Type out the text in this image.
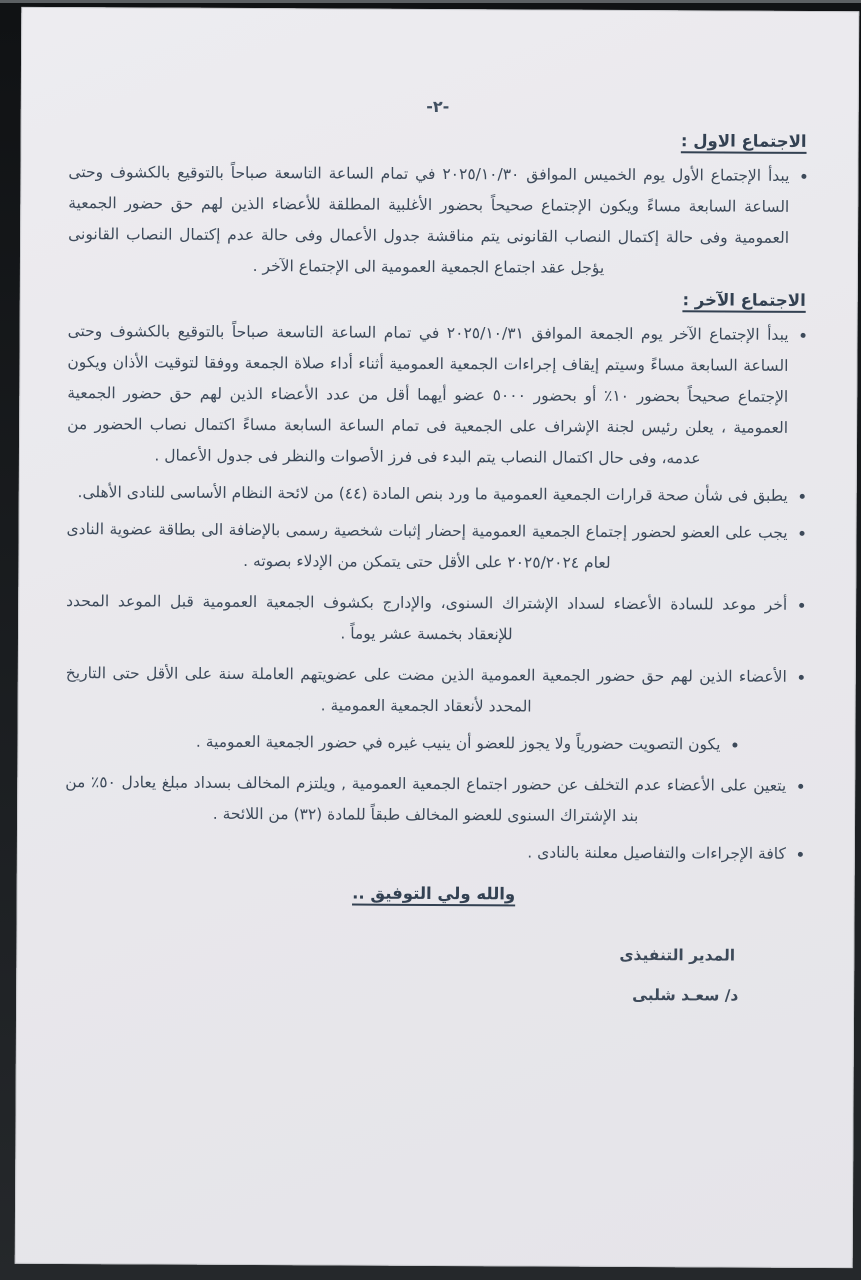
-٢-
الاجتماع الاول :

يبدأ الإجتماع الأول يوم الخميس الموافق ٢٠٢٥/١٠/٣٠ في تمام الساعة التاسعة صباحاً بالتوقيع بالكشوف وحتى الساعة السابعة مساءً ويكون الإجتماع صحيحاً بحضور الأغلبية المطلقة للأعضاء الذين لهم حق حضور الجمعية العمومية وفى حالة إكتمال النصاب القانونى يتم مناقشة جدول الأعمال وفى حالة عدم إكتمال النصاب القانونى يؤجل عقد اجتماع الجمعية العمومية الى الإجتماع الآخر .

الاجتماع الآخر :

يبدأ الإجتماع الآخر يوم الجمعة الموافق ٢٠٢٥/١٠/٣١ في تمام الساعة التاسعة صباحاً بالتوقيع بالكشوف وحتى الساعة السابعة مساءً وسيتم إيقاف إجراءات الجمعية العمومية أثناء أداء صلاة الجمعة ووفقا لتوقيت الأذان ويكون الإجتماع صحيحاً بحضور ١٠٪ أو بحضور ٥٠٠٠ عضو أيهما أقل من عدد الأعضاء الذين لهم حق حضور الجمعية العمومية ، يعلن رئيس لجنة الإشراف على الجمعية فى تمام الساعة السابعة مساءً اكتمال نصاب الحضور من عدمه، وفى حال اكتمال النصاب يتم البدء فى فرز الأصوات والنظر فى جدول الأعمال .

يطبق فى شأن صحة قرارات الجمعية العمومية ما ورد بنص المادة (٤٤) من لائحة النظام الأساسى للنادى الأهلى.

يجب على العضو لحضور إجتماع الجمعية العمومية إحضار إثبات شخصية رسمى بالإضافة الى بطاقة عضوية النادى لعام ٢٠٢٥/٢٠٢٤ على الأقل حتى يتمكن من الإدلاء بصوته .

أخر موعد للسادة الأعضاء لسداد الإشتراك السنوى، والإدارج بكشوف الجمعية العمومية قبل الموعد المحدد للإنعقاد بخمسة عشر يوماً .

الأعضاء الذين لهم حق حضور الجمعية العمومية الذين مضت على عضويتهم العاملة سنة على الأقل حتى التاريخ المحدد لأنعقاد الجمعية العمومية .

يكون التصويت حضورياً ولا يجوز للعضو أن ينيب غيره في حضور الجمعية العمومية .

يتعين على الأعضاء عدم التخلف عن حضور اجتماع الجمعية العمومية , ويلتزم المخالف بسداد مبلغ يعادل ٥٠٪ من بند الإشتراك السنوى للعضو المخالف طبقاً للمادة (٣٢) من اللائحة .

كافة الإجراءات والتفاصيل معلنة بالنادى .

والله ولي التوفيق ..

المدير التنفيذى

د/ سعـد شلبى
